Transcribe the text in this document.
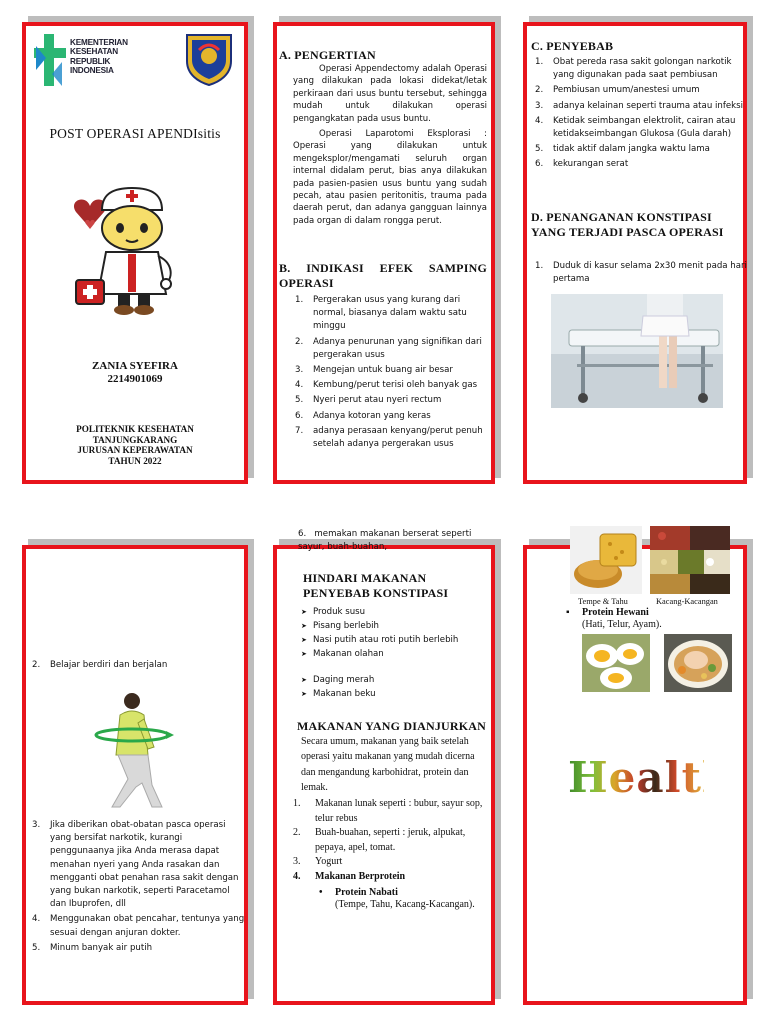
KEMENTERIAN
KESEHATAN
REPUBLIK
INDONESIA
POST OPERASI APENDIsitis
ZANIA SYEFIRA
2214901069
POLITEKNIK KESEHATAN
TANJUNGKARANG
JURUSAN KEPERAWATAN
TAHUN 2022
A. PENGERTIAN
Operasi Appendectomy adalah Operasi yang dilakukan pada lokasi didekat/letak perkiraan dari usus buntu tersebut, sehingga mudah untuk dilakukan operasi pengangkatan pada usus buntu.
Operasi Laparotomi Eksplorasi : Operasi yang dilakukan untuk mengeksplor/mengamati seluruh organ internal didalam perut, bias anya dilakukan pada pasien-pasien usus buntu yang sudah pecah, atau pasien peritonitis, trauma pada daerah perut, dan adanya gangguan lainnya pada organ di dalam rongga perut.
B. INDIKASI EFEK SAMPING OPERASI
1. Pergerakan usus yang kurang dari normal, biasanya dalam waktu satu minggu
2. Adanya penurunan yang signifikan dari pergerakan usus
3. Mengejan untuk buang air besar
4. Kembung/perut terisi oleh banyak gas
5. Nyeri perut atau nyeri rectum
6. Adanya kotoran yang keras
7. adanya perasaan kenyang/perut penuh setelah adanya pergerakan usus
C. PENYEBAB
1. Obat pereda rasa sakit golongan narkotik yang digunakan pada saat pembiusan
2. Pembiusan umum/anestesi umum
3. adanya kelainan seperti trauma atau infeksi
4. Ketidak seimbangan elektrolit, cairan atau ketidakseimbangan Glukosa (Gula darah)
5. tidak aktif dalam jangka waktu lama
6. kekurangan serat
D. PENANGANAN KONSTIPASI YANG TERJADI PASCA OPERASI
1. Duduk di kasur selama 2x30 menit pada hari pertama
2. Belajar berdiri dan berjalan
3. Jika diberikan obat-obatan pasca operasi yang bersifat narkotik, kurangi penggunaanya jika Anda merasa dapat menahan nyeri yang Anda rasakan dan mengganti obat penahan rasa sakit dengan yang bukan narkotik, seperti Paracetamol dan Ibuprofen, dll
4. Menggunakan obat pencahar, tentunya yang sesuai dengan anjuran dokter.
5. Minum banyak air putih
6. memakan makanan berserat seperti sayur, buah-buahan,
HINDARI MAKANAN PENYEBAB KONSTIPASI
➤ Produk susu
➤ Pisang berlebih
➤ Nasi putih atau roti putih berlebih
➤ Makanan olahan
➤ Daging merah
➤ Makanan beku
MAKANAN YANG DIANJURKAN
Secara umum, makanan yang baik setelah operasi yaitu makanan yang mudah dicerna dan mengandung karbohidrat, protein dan lemak.
1. Makanan lunak seperti : bubur, sayur sop, telur rebus
2. Buah-buahan, seperti : jeruk, alpukat, pepaya, apel, tomat.
3. Yogurt
4. Makanan Berprotein
• Protein Nabati
(Tempe, Tahu, Kacang-Kacangan).
Tempe & Tahu	Kacang-Kacangan
▪ Protein Hewani
(Hati, Telur, Ayam).
Health
